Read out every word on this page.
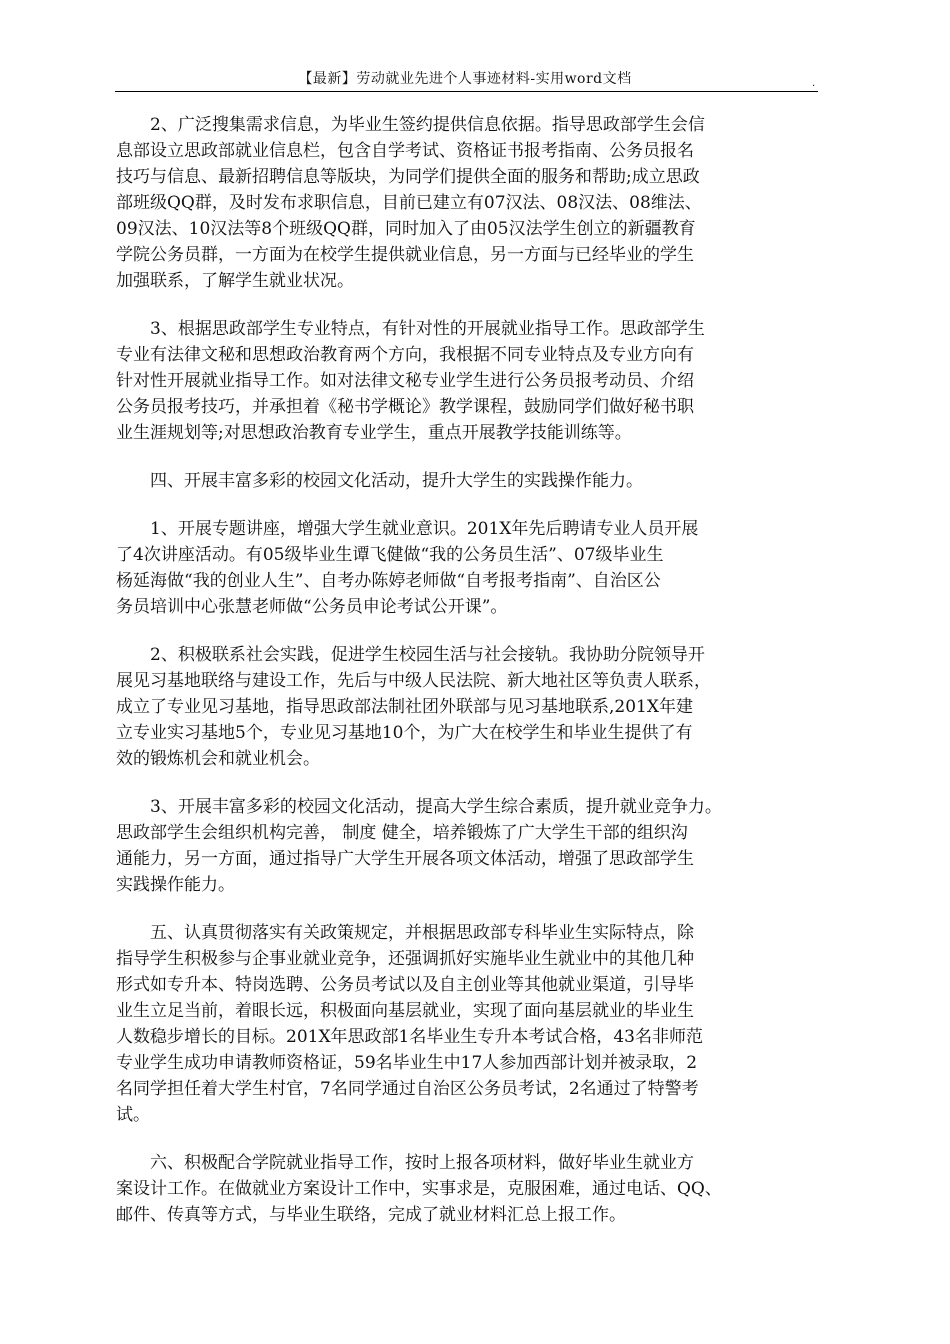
【最新】劳动就业先进个人事迹材料-实用word文档	.

2、广泛搜集需求信息，为毕业生签约提供信息依据。指导思政部学生会信
息部设立思政部就业信息栏，包含自学考试、资格证书报考指南、公务员报名
技巧与信息、最新招聘信息等版块，为同学们提供全面的服务和帮助;成立思政
部班级QQ群，及时发布求职信息，目前已建立有07汉法、08汉法、08维法、
09汉法、10汉法等8个班级QQ群，同时加入了由05汉法学生创立的新疆教育
学院公务员群，一方面为在校学生提供就业信息，另一方面与已经毕业的学生
加强联系，了解学生就业状况。

3、根据思政部学生专业特点，有针对性的开展就业指导工作。思政部学生
专业有法律文秘和思想政治教育两个方向，我根据不同专业特点及专业方向有
针对性开展就业指导工作。如对法律文秘专业学生进行公务员报考动员、介绍
公务员报考技巧，并承担着《秘书学概论》教学课程，鼓励同学们做好秘书职
业生涯规划等;对思想政治教育专业学生，重点开展教学技能训练等。

四、开展丰富多彩的校园文化活动，提升大学生的实践操作能力。

1、开展专题讲座，增强大学生就业意识。201X年先后聘请专业人员开展
了4次讲座活动。有05级毕业生谭飞健做“我的公务员生活”、07级毕业生
杨延海做“我的创业人生”、自考办陈婷老师做“自考报考指南”、自治区公
务员培训中心张慧老师做“公务员申论考试公开课”。

2、积极联系社会实践，促进学生校园生活与社会接轨。我协助分院领导开
展见习基地联络与建设工作，先后与中级人民法院、新大地社区等负责人联系，
成立了专业见习基地，指导思政部法制社团外联部与见习基地联系,201X年建
立专业实习基地5个，专业见习基地10个，为广大在校学生和毕业生提供了有
效的锻炼机会和就业机会。

3、开展丰富多彩的校园文化活动，提高大学生综合素质，提升就业竞争力。
思政部学生会组织机构完善， 制度 健全，培养锻炼了广大学生干部的组织沟
通能力，另一方面，通过指导广大学生开展各项文体活动，增强了思政部学生
实践操作能力。

五、认真贯彻落实有关政策规定，并根据思政部专科毕业生实际特点，除
指导学生积极参与企事业就业竞争，还强调抓好实施毕业生就业中的其他几种
形式如专升本、特岗选聘、公务员考试以及自主创业等其他就业渠道，引导毕
业生立足当前，着眼长远，积极面向基层就业，实现了面向基层就业的毕业生
人数稳步增长的目标。201X年思政部1名毕业生专升本考试合格，43名非师范
专业学生成功申请教师资格证，59名毕业生中17人参加西部计划并被录取，2
名同学担任着大学生村官，7名同学通过自治区公务员考试，2名通过了特警考
试。

六、积极配合学院就业指导工作，按时上报各项材料，做好毕业生就业方
案设计工作。在做就业方案设计工作中，实事求是，克服困难，通过电话、QQ、
邮件、传真等方式，与毕业生联络，完成了就业材料汇总上报工作。
